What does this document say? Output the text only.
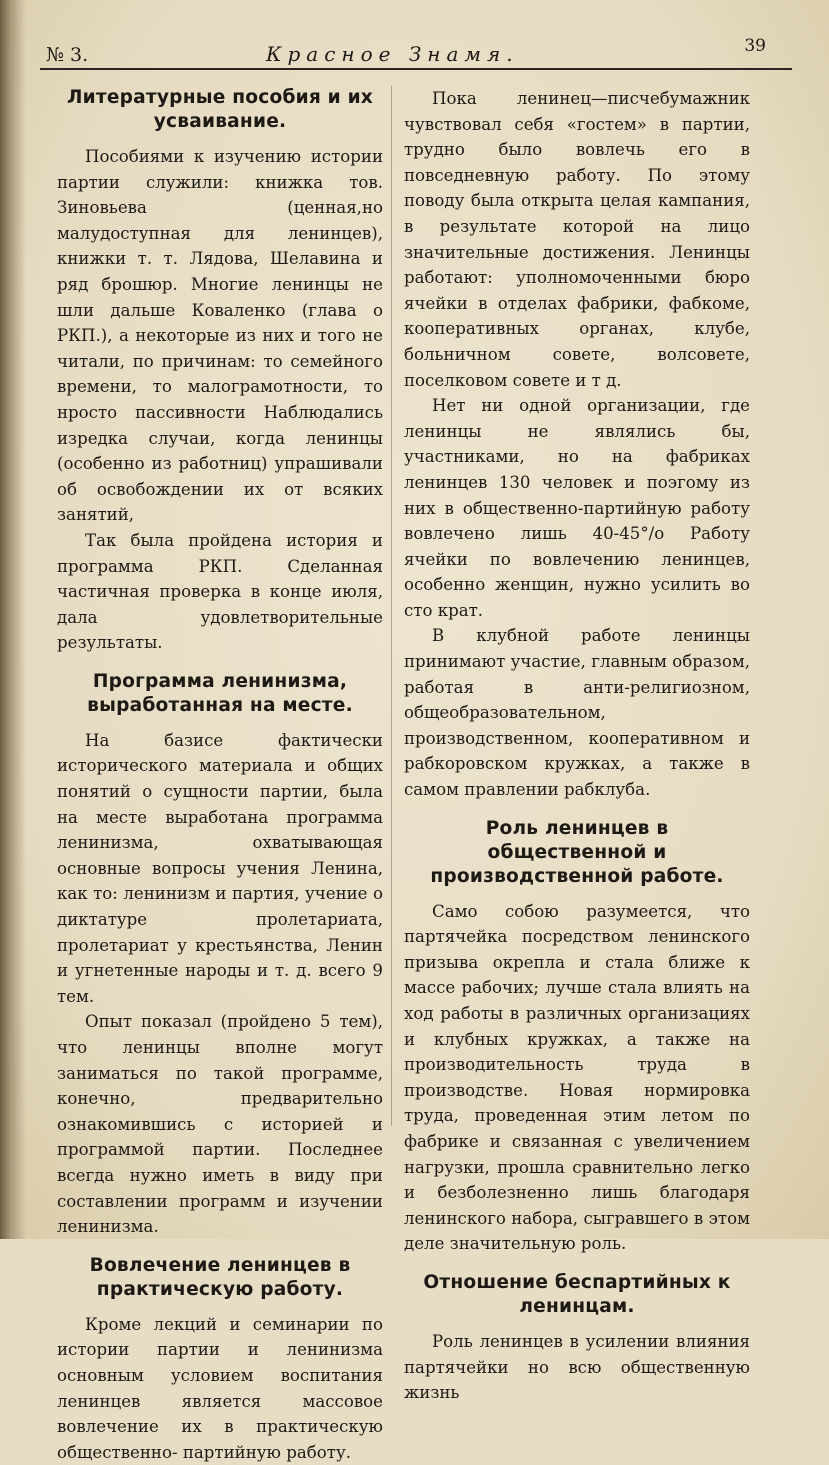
№ 3.	Красное Знамя.	39
Литературные пособия и их усваивание.

Пособиями к изучению истории партии служили: книжка тов. Зиновьева (ценная,но малудоступная для ленинцев), книжки т. т. Лядова, Шелавина и ряд брошюр. Многие ленинцы не шли дальше Коваленко (глава о РКП.), а некоторые из них и того не читали, по причинам: то семейного времени, то малограмотности, то нросто пассивности Наблюдались изредка случаи, когда ленинцы (особенно из работниц) упрашивали об освобождении их от всяких занятий,

Так была пройдена история и программа РКП. Сделанная частичная проверка в конце июля, дала удовлетворительные результаты.

Программа ленинизма, выработанная на месте.

На базисе фактически исторического материала и общих понятий о сущности партии, была на месте выработана программа ленинизма, охватывающая основные вопросы учения Ленина, как то: ленинизм и партия, учение о диктатуре пролетариата, пролетариат у крестьянства, Ленин и угнетенные народы и т. д. всего 9 тем.

Опыт показал (пройдено 5 тем), что ленинцы вполне могут заниматься по такой программе, конечно, предварительно ознакомившись с историей и программой партии. Последнее всегда нужно иметь в виду при составлении программ и изучении ленинизма.

Вовлечение ленинцев в практическую работу.

Кроме лекций и семинарии по истории партии и ленинизма основным условием воспитания ленинцев является массовое вовлечение их в практическую общественно- партийную работу.

Пока ленинец—писчебумажник чувствовал себя «гостем» в партии, трудно было вовлечь его в повседневную работу. По этому поводу была открыта целая кампания, в результате которой на лицо значительные достижения. Ленинцы работают: уполномоченными бюро ячейки в отделах фабрики, фабкоме, кооперативных органах, клубе, больничном совете, волсовете, поселковом совете и т д.

Нет ни одной организации, где ленинцы не являлись бы, участниками, но на фабриках ленинцев 130 человек и поэгому из них в общественно-партийную работу вовлечено лишь 40-45°/о Работу ячейки по вовлечению ленинцев, особенно женщин, нужно усилить во сто крат.

В клубной работе ленинцы принимают участие, главным образом, работая в анти-религиозном, общеобразовательном, производственном, кооперативном и рабкоровском кружках, а также в самом правлении рабклуба.

Роль ленинцев в общественной и производственной работе.

Само собою разумеется, что партячейка посредством ленинского призыва окрепла и стала ближе к массе рабочих; лучше стала влиять на ход работы в различных организациях и клубных кружках, а также на производительность труда в производстве. Новая нормировка труда, проведенная этим летом по фабрике и связанная с увеличением нагрузки, прошла сравнительно легко и безболезненно лишь благодаря ленинского набора, сыгравшего в этом деле значительную роль.

Отношение беспартийных к ленинцам.

Роль ленинцев в усилении влияния партячейки но всю общественную жизнь
